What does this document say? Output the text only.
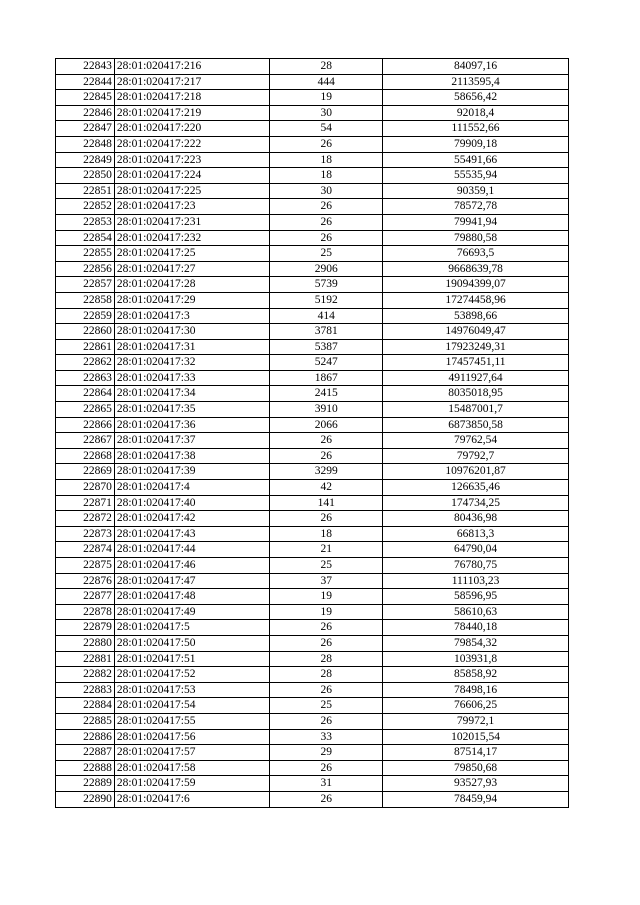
22843	28:01:020417:216	28	84097,16
22844	28:01:020417:217	444	2113595,4
22845	28:01:020417:218	19	58656,42
22846	28:01:020417:219	30	92018,4
22847	28:01:020417:220	54	111552,66
22848	28:01:020417:222	26	79909,18
22849	28:01:020417:223	18	55491,66
22850	28:01:020417:224	18	55535,94
22851	28:01:020417:225	30	90359,1
22852	28:01:020417:23	26	78572,78
22853	28:01:020417:231	26	79941,94
22854	28:01:020417:232	26	79880,58
22855	28:01:020417:25	25	76693,5
22856	28:01:020417:27	2906	9668639,78
22857	28:01:020417:28	5739	19094399,07
22858	28:01:020417:29	5192	17274458,96
22859	28:01:020417:3	414	53898,66
22860	28:01:020417:30	3781	14976049,47
22861	28:01:020417:31	5387	17923249,31
22862	28:01:020417:32	5247	17457451,11
22863	28:01:020417:33	1867	4911927,64
22864	28:01:020417:34	2415	8035018,95
22865	28:01:020417:35	3910	15487001,7
22866	28:01:020417:36	2066	6873850,58
22867	28:01:020417:37	26	79762,54
22868	28:01:020417:38	26	79792,7
22869	28:01:020417:39	3299	10976201,87
22870	28:01:020417:4	42	126635,46
22871	28:01:020417:40	141	174734,25
22872	28:01:020417:42	26	80436,98
22873	28:01:020417:43	18	66813,3
22874	28:01:020417:44	21	64790,04
22875	28:01:020417:46	25	76780,75
22876	28:01:020417:47	37	111103,23
22877	28:01:020417:48	19	58596,95
22878	28:01:020417:49	19	58610,63
22879	28:01:020417:5	26	78440,18
22880	28:01:020417:50	26	79854,32
22881	28:01:020417:51	28	103931,8
22882	28:01:020417:52	28	85858,92
22883	28:01:020417:53	26	78498,16
22884	28:01:020417:54	25	76606,25
22885	28:01:020417:55	26	79972,1
22886	28:01:020417:56	33	102015,54
22887	28:01:020417:57	29	87514,17
22888	28:01:020417:58	26	79850,68
22889	28:01:020417:59	31	93527,93
22890	28:01:020417:6	26	78459,94
